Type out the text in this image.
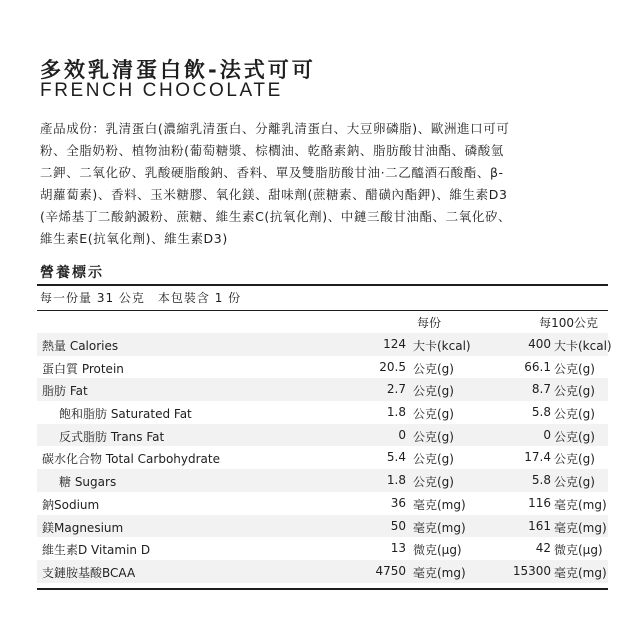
多效乳清蛋白飲-法式可可
FRENCH CHOCOLATE
產品成份：乳清蛋白(濃縮乳清蛋白、分離乳清蛋白、大豆卵磷脂)、歐洲進口可可
粉、全脂奶粉、植物油粉(葡萄糖漿、棕櫚油、乾酪素鈉、脂肪酸甘油酯、磷酸氫
二鉀、二氧化矽、乳酸硬脂酸鈉、香料、單及雙脂肪酸甘油·二乙醯酒石酸酯、β-
胡蘿蔔素)、香料、玉米糖膠、氧化鎂、甜味劑(蔗糖素、醋磺內酯鉀)、維生素D3
(辛烯基丁二酸鈉澱粉、蔗糖、維生素C(抗氧化劑)、中鏈三酸甘油酯、二氧化矽、
維生素E(抗氧化劑)、維生素D3)
營養標示
每一份量 31 公克　本包裝含 1 份
每份	每100公克
熱量 Calories	124 大卡(kcal)	400 大卡(kcal)
蛋白質 Protein	20.5 公克(g)	66.1 公克(g)
脂肪 Fat	2.7 公克(g)	8.7 公克(g)
飽和脂肪 Saturated Fat	1.8 公克(g)	5.8 公克(g)
反式脂肪 Trans Fat	0 公克(g)	0 公克(g)
碳水化合物 Total Carbohydrate	5.4 公克(g)	17.4 公克(g)
糖 Sugars	1.8 公克(g)	5.8 公克(g)
鈉Sodium	36 毫克(mg)	116 毫克(mg)
鎂Magnesium	50 毫克(mg)	161 毫克(mg)
維生素D Vitamin D	13 微克(μg)	42 微克(μg)
支鏈胺基酸BCAA	4750 毫克(mg)	15300 毫克(mg)
